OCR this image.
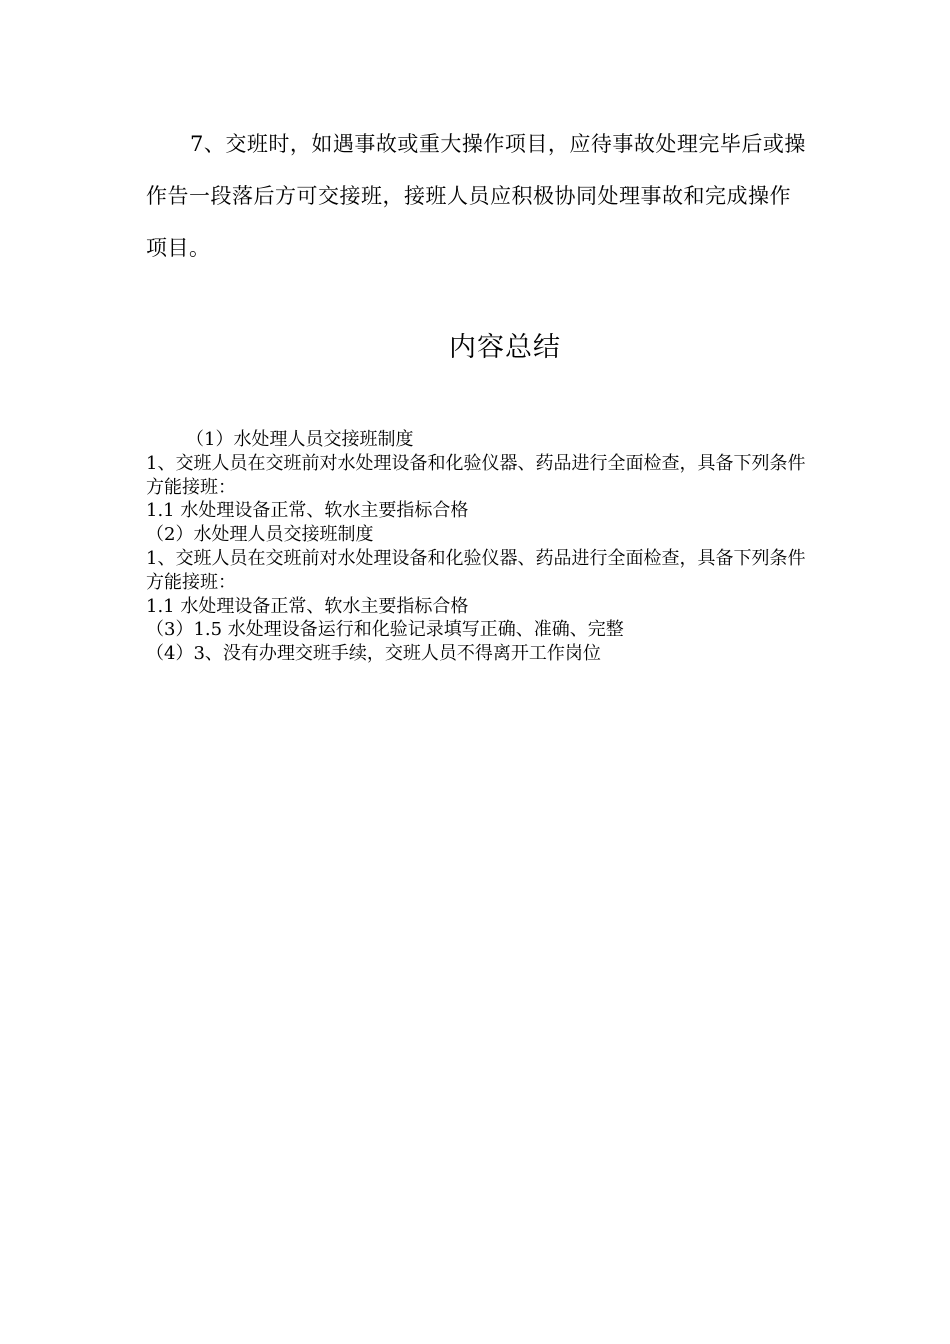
7、交班时，如遇事故或重大操作项目，应待事故处理完毕后或操作告一段落后方可交接班，接班人员应积极协同处理事故和完成操作项目。

内容总结
（1）水处理人员交接班制度
1、交班人员在交班前对水处理设备和化验仪器、药品进行全面检查，具备下列条件方能接班：
1.1 水处理设备正常、软水主要指标合格
（2）水处理人员交接班制度
1、交班人员在交班前对水处理设备和化验仪器、药品进行全面检查，具备下列条件方能接班：
1.1 水处理设备正常、软水主要指标合格
（3）1.5 水处理设备运行和化验记录填写正确、准确、完整
（4）3、没有办理交班手续，交班人员不得离开工作岗位
